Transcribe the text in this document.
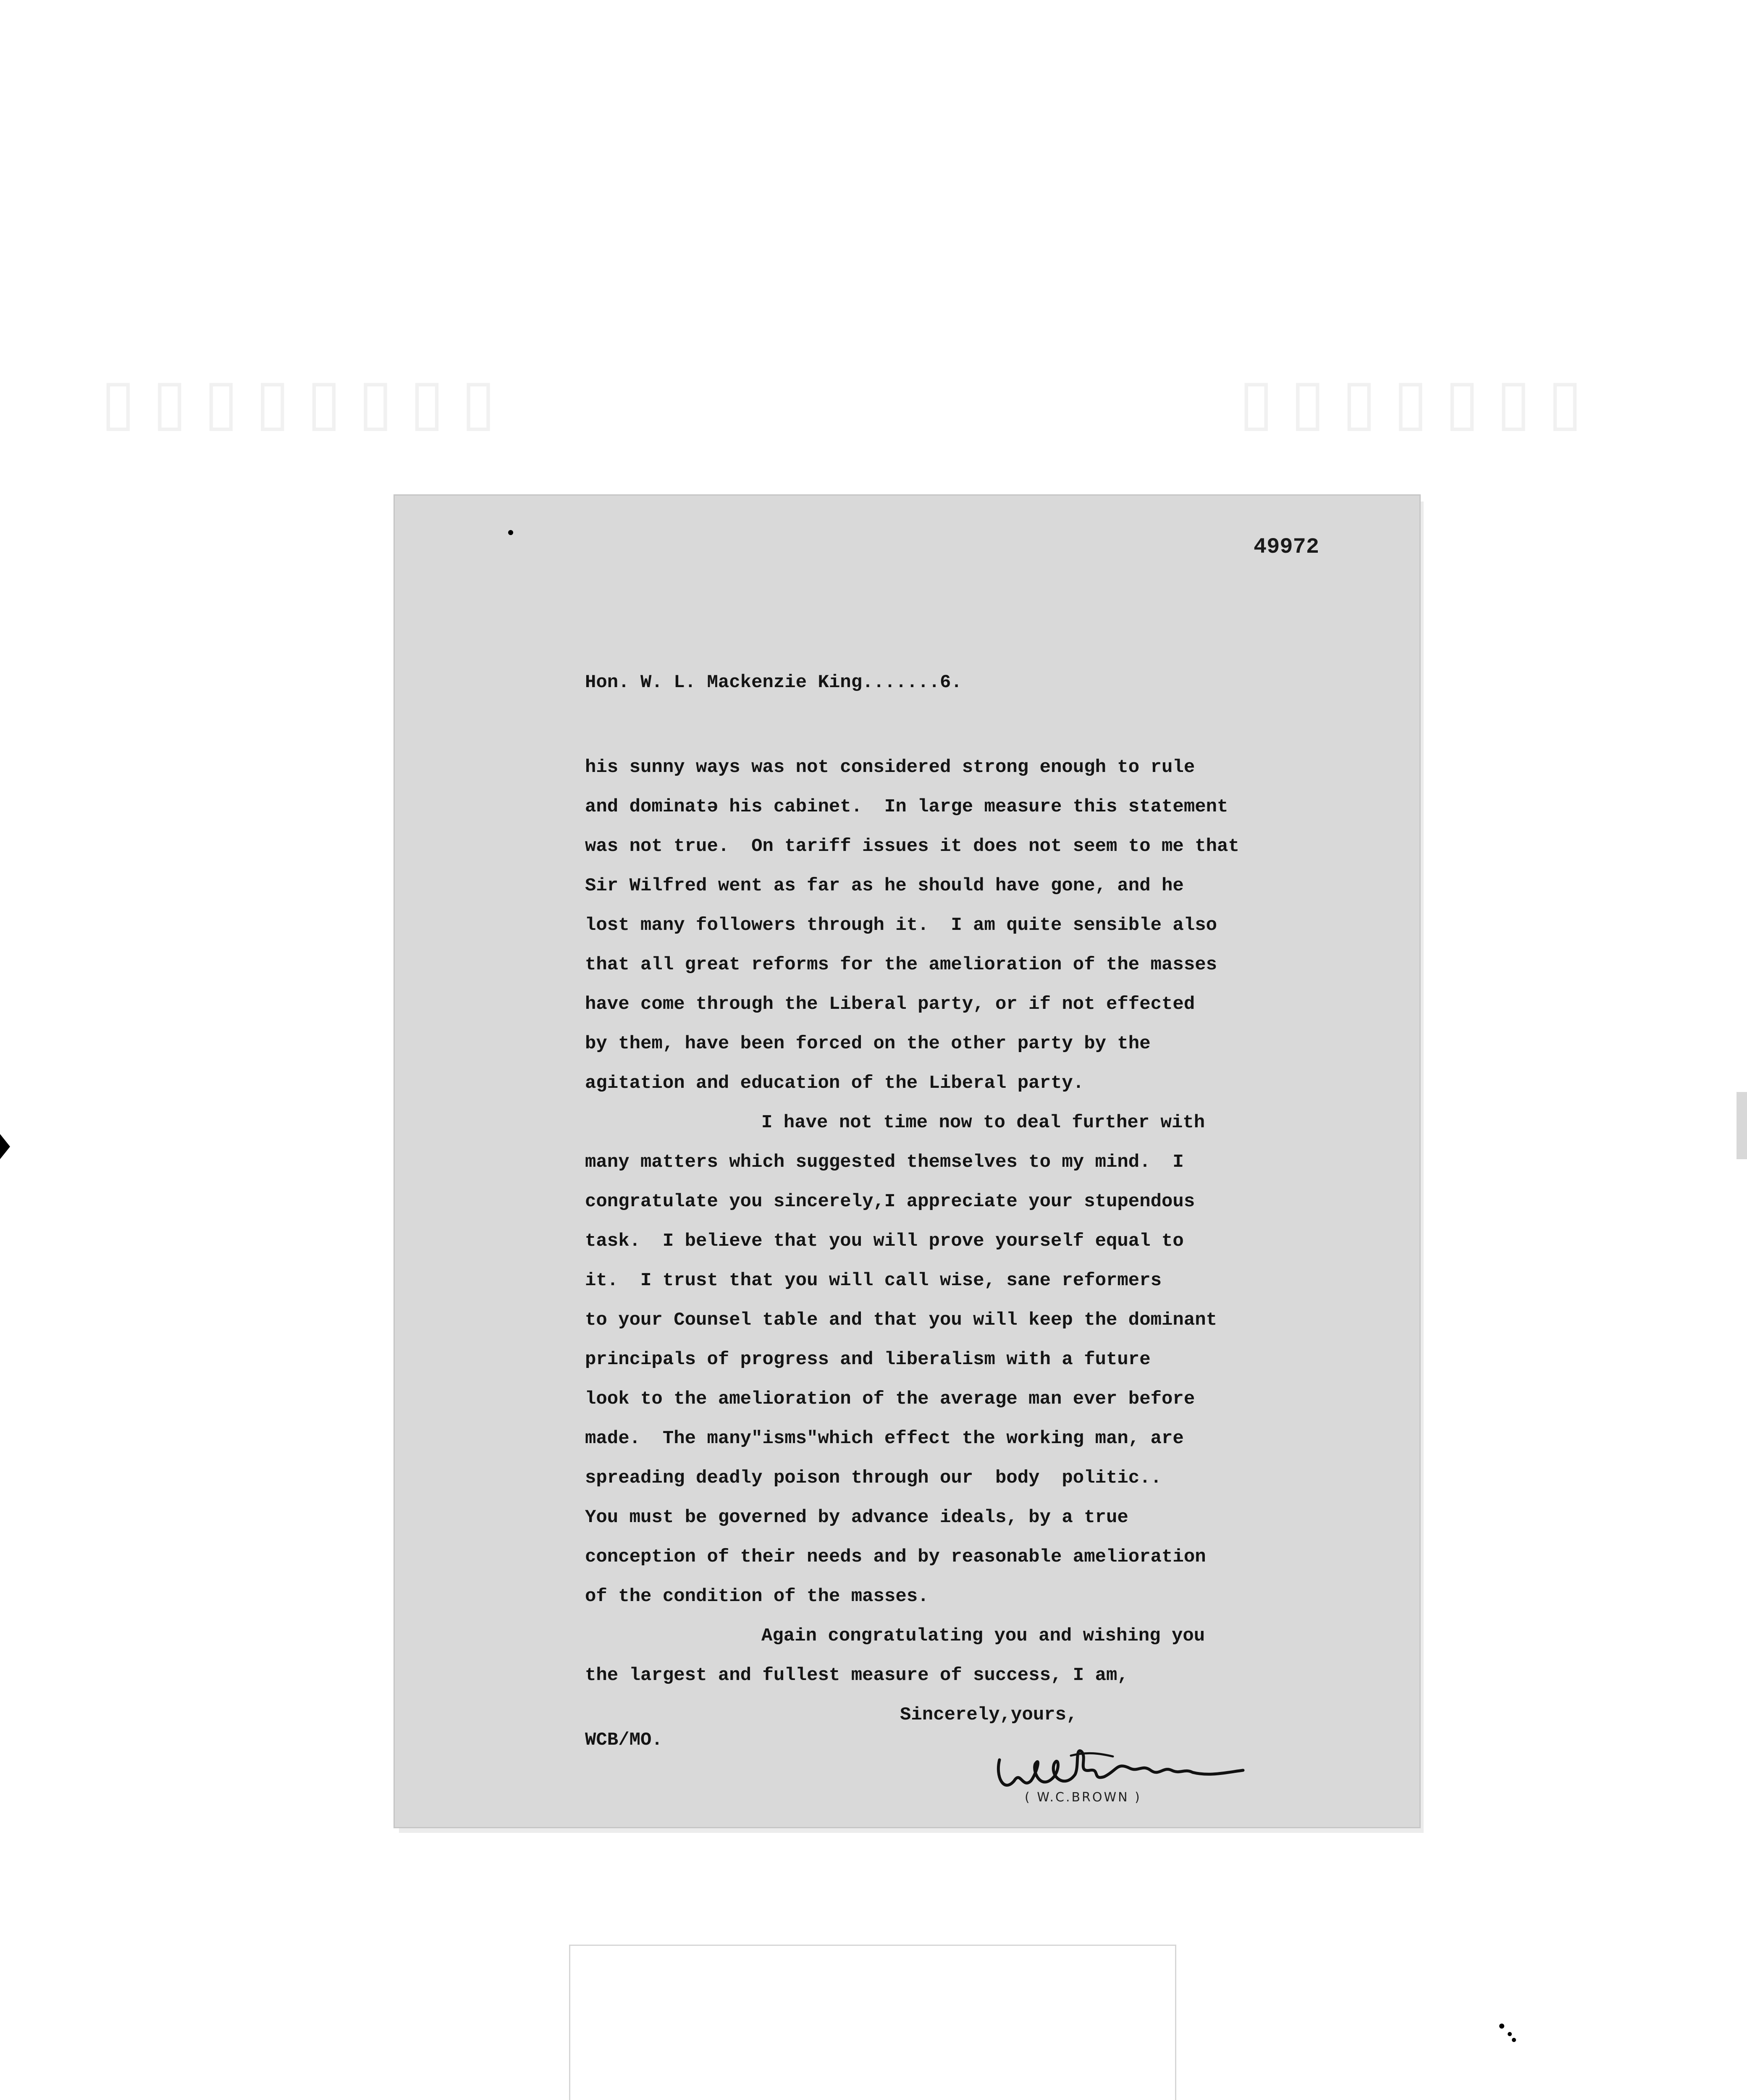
▯▯▯▯▯▯▯▯	▯▯▯▯▯▯▯
49972
Hon. W. L. Mackenzie King.......6.
his sunny ways was not considered strong enough to rule
and dominatə his cabinet.  In large measure this statement
was not true.  On tariff issues it does not seem to me that
Sir Wilfred went as far as he should have gone, and he
lost many followers through it.  I am quite sensible also
that all great reforms for the amelioration of the masses
have come through the Liberal party, or if not effected
by them, have been forced on the other party by the
agitation and education of the Liberal party.
I have not time now to deal further with
many matters which suggested themselves to my mind.  I
congratulate you sincerely,I appreciate your stupendous
task.  I believe that you will prove yourself equal to
it.  I trust that you will call wise, sane reformers
to your Counsel table and that you will keep the dominant
principals of progress and liberalism with a future
look to the amelioration of the average man ever before
made.  The many"isms"which effect the working man, are
spreading deadly poison through our  body  politic..
You must be governed by advance ideals, by a true
conception of their needs and by reasonable amelioration
of the condition of the masses.
Again congratulating you and wishing you
the largest and fullest measure of success, I am,
Sincerely,yours,
WCB/MO.
( W.C.BROWN )
